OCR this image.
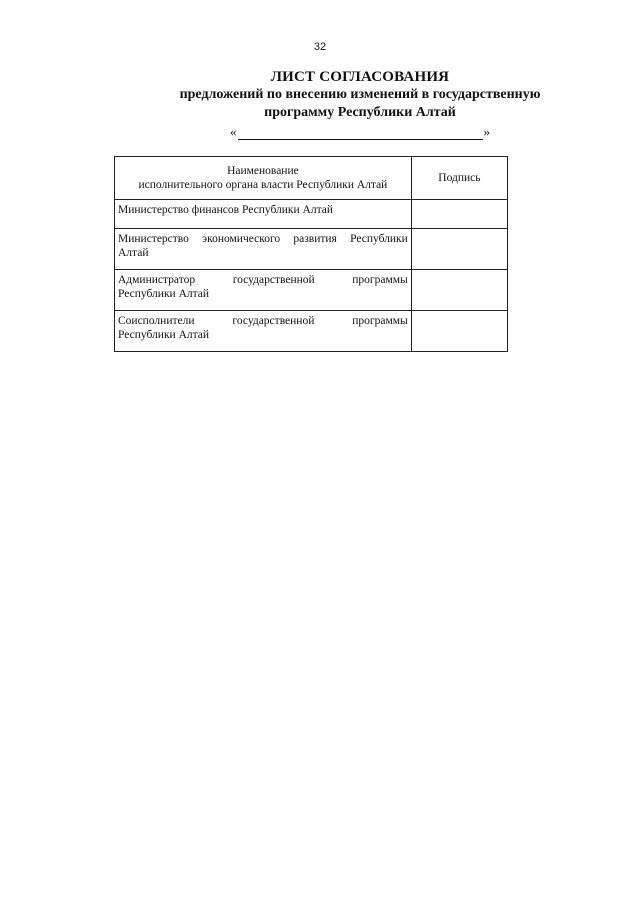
32
ЛИСТ СОГЛАСОВАНИЯ
предложений по внесению изменений в государственную
программу Республики Алтай
«	»
Наименование
исполнительного органа власти Республики Алтай	Подпись

Министерство финансов Республики Алтай	

Министерство экономического развития Республики
Алтай	

Администратор государственной программы
Республики Алтай	

Соисполнители государственной программы
Республики Алтай	
